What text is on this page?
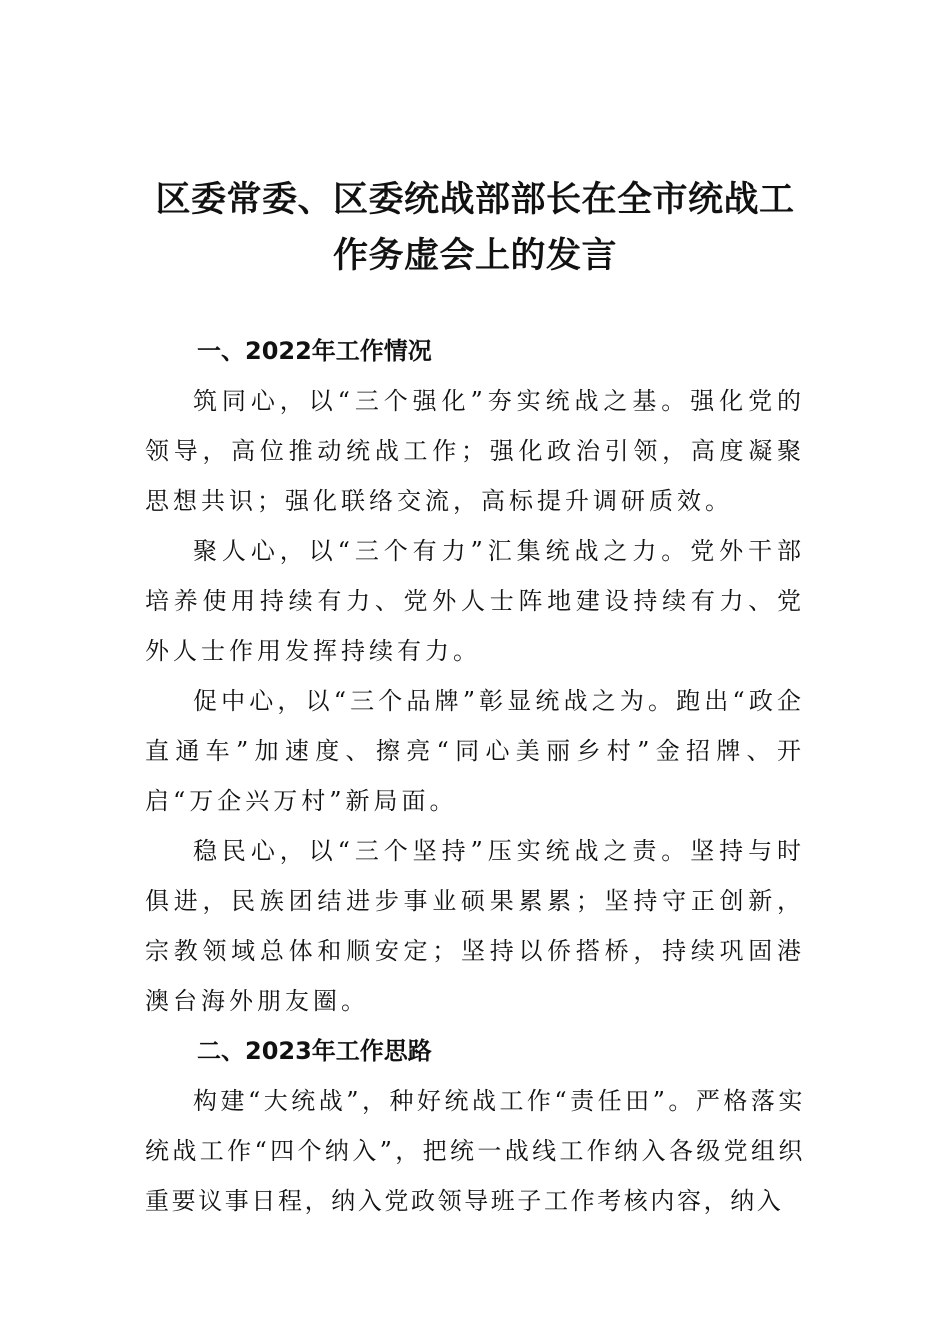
区委常委、区委统战部部长在全市统战工作务虚会上的发言
一、2022年工作情况

筑同心，以“三个强化”夯实统战之基。强化党的领导，高位推动统战工作；强化政治引领，高度凝聚思想共识；强化联络交流，高标提升调研质效。

聚人心，以“三个有力”汇集统战之力。党外干部培养使用持续有力、党外人士阵地建设持续有力、党外人士作用发挥持续有力。

促中心，以“三个品牌”彰显统战之为。跑出“政企直通车”加速度、擦亮“同心美丽乡村”金招牌、开启“万企兴万村”新局面。

稳民心，以“三个坚持”压实统战之责。坚持与时俱进，民族团结进步事业硕果累累；坚持守正创新，宗教领域总体和顺安定；坚持以侨搭桥，持续巩固港澳台海外朋友圈。

二、2023年工作思路

构建“大统战”，种好统战工作“责任田”。严格落实统战工作“四个纳入”，把统一战线工作纳入各级党组织重要议事日程，纳入党政领导班子工作考核内容，纳入
